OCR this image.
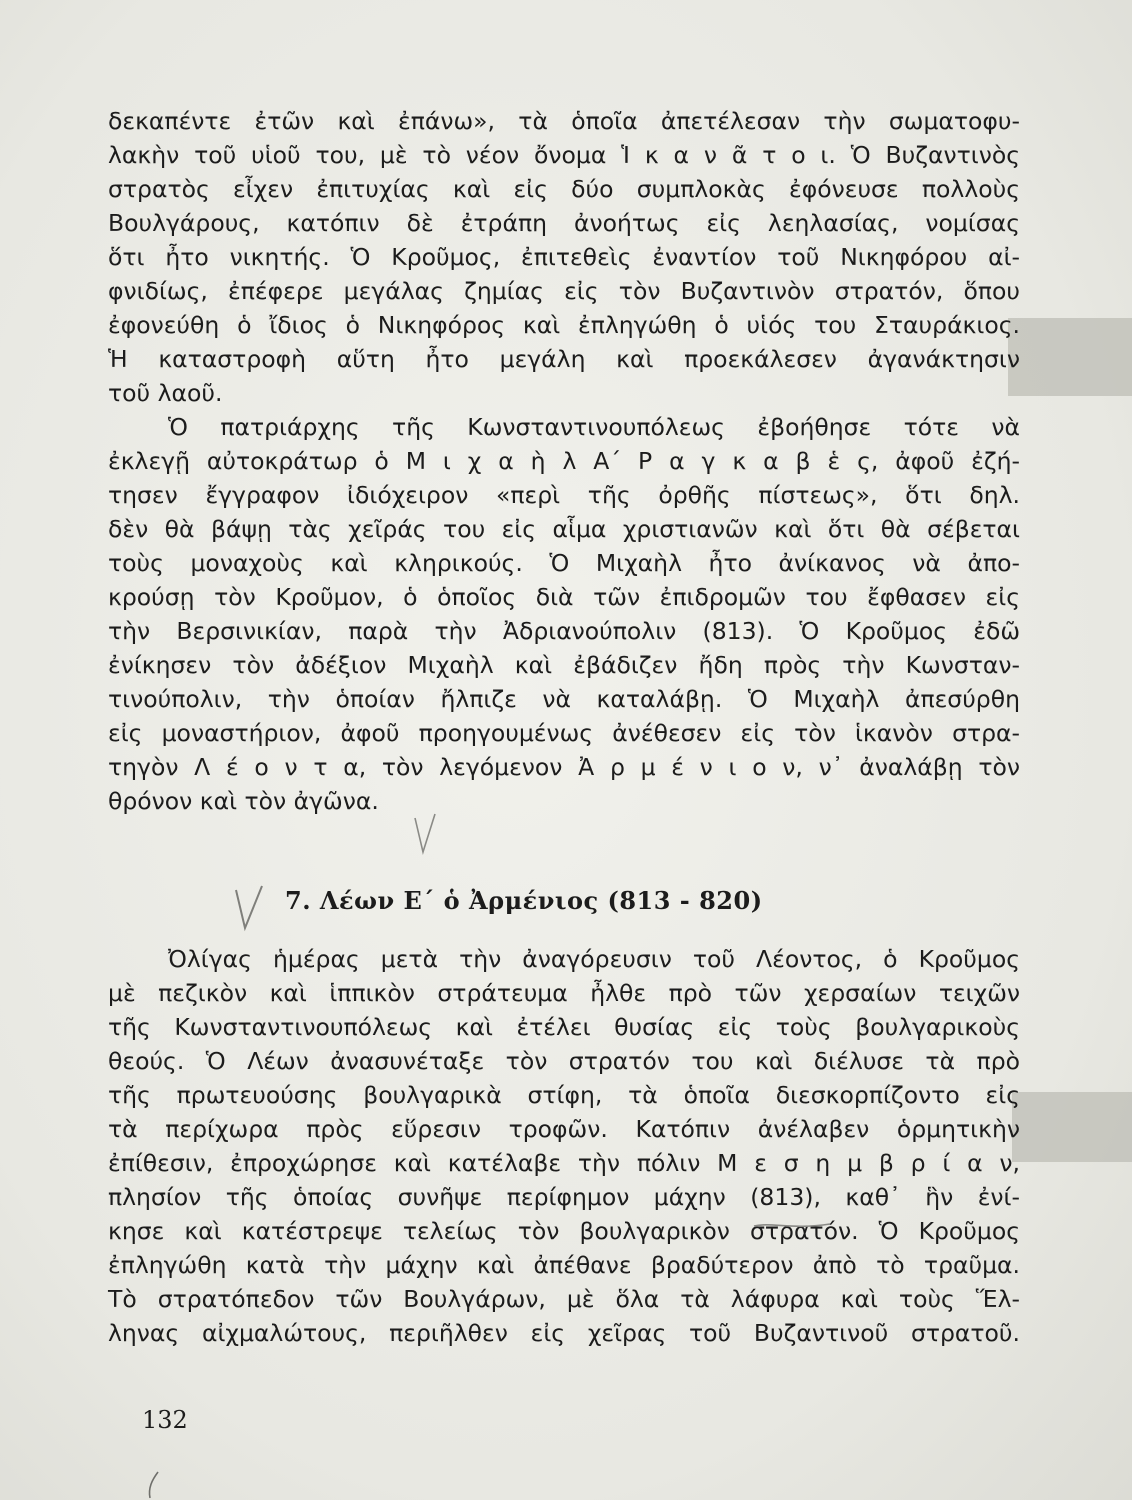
δεκαπέντε ἐτῶν καὶ ἐπάνω», τὰ ὁποῖα ἀπετέλεσαν τὴν σωματοφυ-
λακὴν τοῦ υἱοῦ του, μὲ τὸ νέον ὄνομα Ἱ κ α ν ᾶ τ ο ι. Ὁ Βυζαντινὸς
στρατὸς εἶχεν ἐπιτυχίας καὶ εἰς δύο συμπλοκὰς ἐφόνευσε πολλοὺς
Βουλγάρους, κατόπιν δὲ ἐτράπη ἀνοήτως εἰς λεηλασίας, νομίσας
ὅτι ἦτο νικητής. Ὁ Κροῦμος, ἐπιτεθεὶς ἐναντίον τοῦ Νικηφόρου αἰ-
φνιδίως, ἐπέφερε μεγάλας ζημίας εἰς τὸν Βυζαντινὸν στρατόν, ὅπου
ἐφονεύθη ὁ ἴδιος ὁ Νικηφόρος καὶ ἐπληγώθη ὁ υἱός του Σταυράκιος.
Ἡ καταστροφὴ αὕτη ἦτο μεγάλη καὶ προεκάλεσεν ἀγανάκτησιν
τοῦ λαοῦ.
Ὁ πατριάρχης τῆς Κωνσταντινουπόλεως ἐβοήθησε τότε νὰ
ἐκλεγῇ αὐτοκράτωρ ὁ Μ ι χ α ὴ λ Α΄ Ρ α γ κ α β ἑ ς, ἀφοῦ ἐζή-
τησεν ἔγγραφον ἰδιόχειρον «περὶ τῆς ὀρθῆς πίστεως», ὅτι δηλ.
δὲν θὰ βάψῃ τὰς χεῖράς του εἰς αἷμα χριστιανῶν καὶ ὅτι θὰ σέβεται
τοὺς μοναχοὺς καὶ κληρικούς. Ὁ Μιχαὴλ ἦτο ἀνίκανος νὰ ἀπο-
κρούσῃ τὸν Κροῦμον, ὁ ὁποῖος διὰ τῶν ἐπιδρομῶν του ἔφθασεν εἰς
τὴν Βερσινικίαν, παρὰ τὴν Ἀδριανούπολιν (813). Ὁ Κροῦμος ἐδῶ
ἐνίκησεν τὸν ἀδέξιον Μιχαὴλ καὶ ἐβάδιζεν ἤδη πρὸς τὴν Κωνσταν-
τινούπολιν, τὴν ὁποίαν ἤλπιζε νὰ καταλάβῃ. Ὁ Μιχαὴλ ἀπεσύρθη
εἰς μοναστήριον, ἀφοῦ προηγουμένως ἀνέθεσεν εἰς τὸν ἱκανὸν στρα-
τηγὸν Λ έ ο ν τ α, τὸν λεγόμενον Ἀ ρ μ έ ν ι ο ν, ν᾽ ἀναλάβῃ τὸν
θρόνον καὶ τὸν ἀγῶνα.
7. Λέων Ε΄ ὁ Ἀρμένιος (813 - 820)
Ὀλίγας ἡμέρας μετὰ τὴν ἀναγόρευσιν τοῦ Λέοντος, ὁ Κροῦμος
μὲ πεζικὸν καὶ ἱππικὸν στράτευμα ἦλθε πρὸ τῶν χερσαίων τειχῶν
τῆς Κωνσταντινουπόλεως καὶ ἐτέλει θυσίας εἰς τοὺς βουλγαρικοὺς
θεούς. Ὁ Λέων ἀνασυνέταξε τὸν στρατόν του καὶ διέλυσε τὰ πρὸ
τῆς πρωτευούσης βουλγαρικὰ στίφη, τὰ ὁποῖα διεσκορπίζοντο εἰς
τὰ περίχωρα πρὸς εὕρεσιν τροφῶν. Κατόπιν ἀνέλαβεν ὁρμητικὴν
ἐπίθεσιν, ἐπροχώρησε καὶ κατέλαβε τὴν πόλιν Μ ε σ η μ β ρ ί α ν,
πλησίον τῆς ὁποίας συνῆψε περίφημον μάχην (813), καθ᾽ ἣν ἐνί-
κησε καὶ κατέστρεψε τελείως τὸν βουλγαρικὸν στρατόν. Ὁ Κροῦμος
ἐπληγώθη κατὰ τὴν μάχην καὶ ἀπέθανε βραδύτερον ἀπὸ τὸ τραῦμα.
Τὸ στρατόπεδον τῶν Βουλγάρων, μὲ ὅλα τὰ λάφυρα καὶ τοὺς Ἕλ-
ληνας αἰχμαλώτους, περιῆλθεν εἰς χεῖρας τοῦ Βυζαντινοῦ στρατοῦ.
132
